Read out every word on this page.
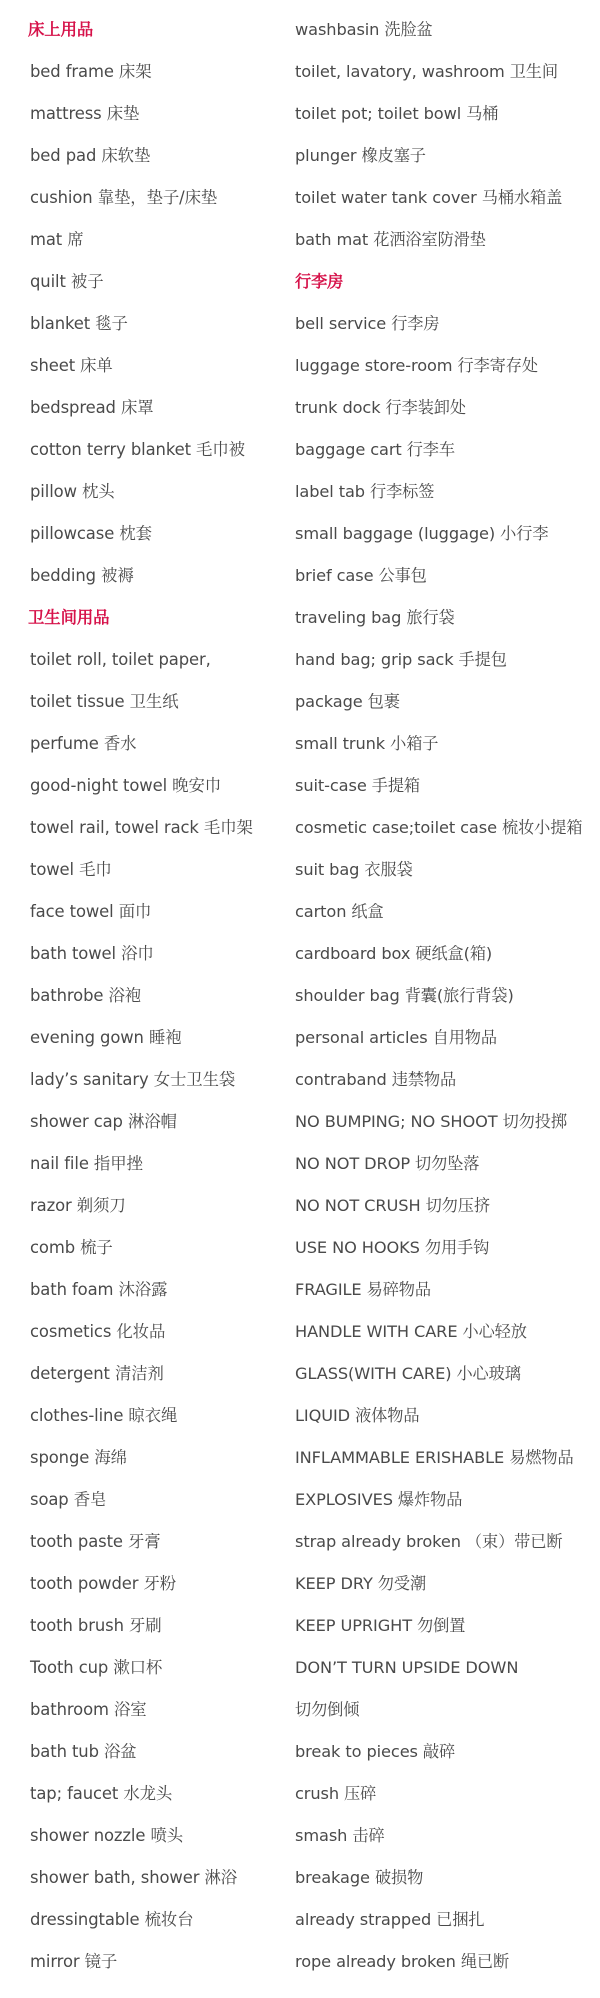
床上用品
bed frame 床架
mattress 床垫
bed pad 床软垫
cushion 靠垫，垫子/床垫
mat 席
quilt 被子
blanket 毯子
sheet 床单
bedspread 床罩
cotton terry blanket 毛巾被
pillow 枕头
pillowcase 枕套
bedding 被褥
卫生间用品
toilet roll, toilet paper,
toilet tissue 卫生纸
perfume 香水
good-night towel 晚安巾
towel rail, towel rack 毛巾架
towel 毛巾
face towel 面巾
bath towel 浴巾
bathrobe 浴袍
evening gown 睡袍
lady’s sanitary 女士卫生袋
shower cap 淋浴帽
nail file 指甲挫
razor 剃须刀
comb 梳子
bath foam 沐浴露
cosmetics 化妆品
detergent 清洁剂
clothes-line 晾衣绳
sponge 海绵
soap 香皂
tooth paste 牙膏
tooth powder 牙粉
tooth brush 牙刷
Tooth cup 漱口杯
bathroom 浴室
bath tub 浴盆
tap; faucet 水龙头
shower nozzle 喷头
shower bath, shower 淋浴
dressingtable 梳妆台
mirror 镜子
washbasin 洗脸盆
toilet, lavatory, washroom 卫生间
toilet pot; toilet bowl 马桶
plunger 橡皮塞子
toilet water tank cover 马桶水箱盖
bath mat 花洒浴室防滑垫
行李房
bell service 行李房
luggage store-room 行李寄存处
trunk dock 行李装卸处
baggage cart 行李车
label tab 行李标签
small baggage (luggage) 小行李
brief case 公事包
traveling bag 旅行袋
hand bag; grip sack 手提包
package 包裹
small trunk 小箱子
suit-case 手提箱
cosmetic case;toilet case 梳妆小提箱
suit bag 衣服袋
carton 纸盒
cardboard box 硬纸盒(箱)
shoulder bag 背囊(旅行背袋)
personal articles 自用物品
contraband 违禁物品
NO BUMPING; NO SHOOT 切勿投掷
NO NOT DROP 切勿坠落
NO NOT CRUSH 切勿压挤
USE NO HOOKS 勿用手钩
FRAGILE 易碎物品
HANDLE WITH CARE 小心轻放
GLASS(WITH CARE) 小心玻璃
LIQUID 液体物品
INFLAMMABLE ERISHABLE 易燃物品
EXPLOSIVES 爆炸物品
strap already broken （束）带已断
KEEP DRY 勿受潮
KEEP UPRIGHT 勿倒置
DON’T TURN UPSIDE DOWN
切勿倒倾
break to pieces 敲碎
crush 压碎
smash 击碎
breakage 破损物
already strapped 已捆扎
rope already broken 绳已断
